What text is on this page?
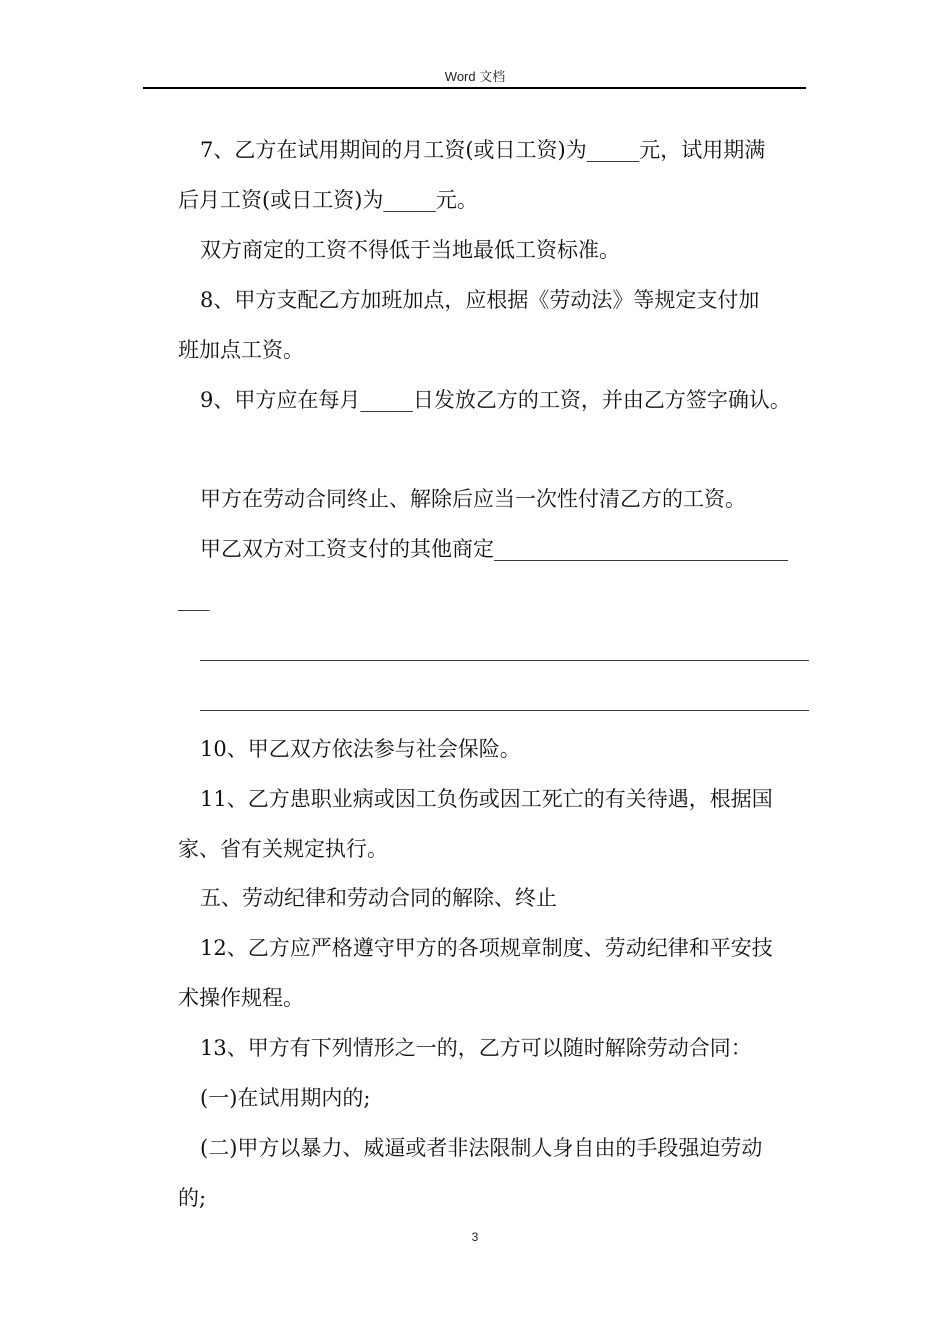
Word 文档
7、乙方在试用期间的月工资(或日工资)为_____元，试用期满
后月工资(或日工资)为_____元。
双方商定的工资不得低于当地最低工资标准。
8、甲方支配乙方加班加点，应根据《劳动法》等规定支付加
班加点工资。
9、甲方应在每月_____日发放乙方的工资，并由乙方签字确认。
甲方在劳动合同终止、解除后应当一次性付清乙方的工资。
甲乙双方对工资支付的其他商定____________________________
___
__________________________________________________________
__________________________________________________________
10、甲乙双方依法参与社会保险。
11、乙方患职业病或因工负伤或因工死亡的有关待遇，根据国
家、省有关规定执行。
五、劳动纪律和劳动合同的解除、终止
12、乙方应严格遵守甲方的各项规章制度、劳动纪律和平安技
术操作规程。
13、甲方有下列情形之一的，乙方可以随时解除劳动合同：
(一)在试用期内的;
(二)甲方以暴力、威逼或者非法限制人身自由的手段强迫劳动
的;
3
